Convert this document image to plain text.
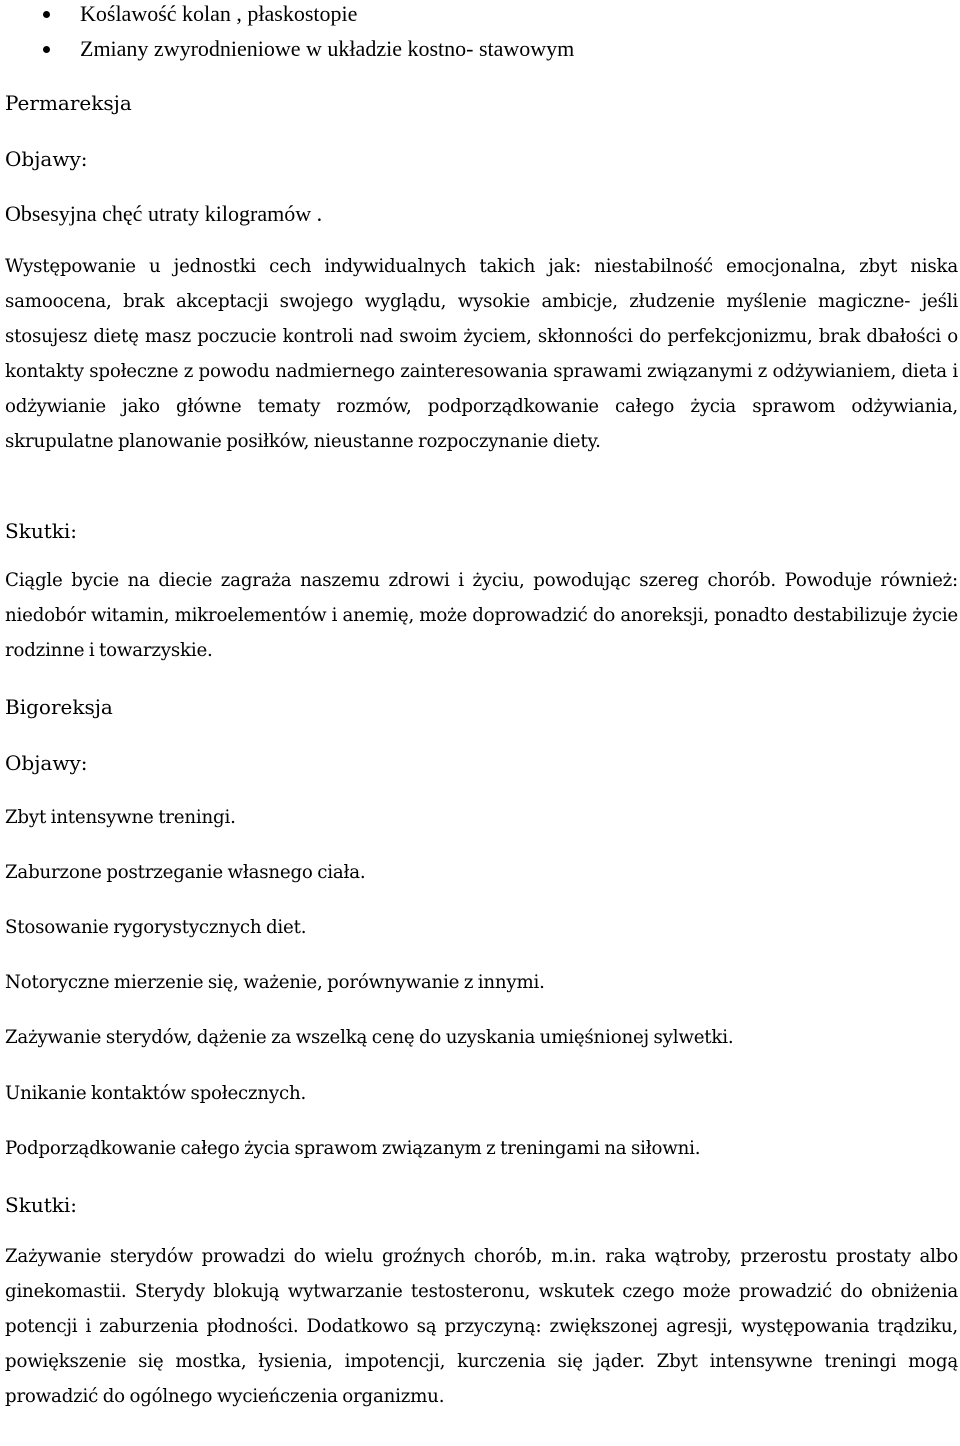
Koślawość kolan , płaskostopie
Zmiany zwyrodnieniowe w układzie kostno- stawowym
Permareksja
Objawy:
Obsesyjna chęć utraty kilogramów .

Występowanie u jednostki cech indywidualnych takich jak: niestabilność emocjonalna, zbyt niska samoocena, brak akceptacji swojego wyglądu, wysokie ambicje, złudzenie myślenie magiczne- jeśli stosujesz dietę masz poczucie kontroli nad swoim życiem, skłonności do perfekcjonizmu, brak dbałości o kontakty społeczne z powodu nadmiernego zainteresowania sprawami związanymi z odżywianiem, dieta i odżywianie jako główne tematy rozmów, podporządkowanie całego życia sprawom odżywiania, skrupulatne planowanie posiłków, nieustanne rozpoczynanie diety.

Skutki:

Ciągle bycie na diecie zagraża naszemu zdrowi i życiu, powodując szereg chorób. Powoduje również: niedobór witamin, mikroelementów i anemię, może doprowadzić do anoreksji, ponadto destabilizuje życie rodzinne i towarzyskie.

Bigoreksja
Objawy:
Zbyt intensywne treningi.
Zaburzone postrzeganie własnego ciała.
Stosowanie rygorystycznych diet.
Notoryczne mierzenie się, ważenie, porównywanie z innymi.
Zażywanie sterydów, dążenie za wszelką cenę do uzyskania umięśnionej sylwetki.
Unikanie kontaktów społecznych.
Podporządkowanie całego życia sprawom związanym z treningami na siłowni.
Skutki:

Zażywanie sterydów prowadzi do wielu groźnych chorób, m.in. raka wątroby, przerostu prostaty albo ginekomastii. Sterydy blokują wytwarzanie testosteronu, wskutek czego może prowadzić do obniżenia potencji i zaburzenia płodności. Dodatkowo są przyczyną: zwiększonej agresji, występowania trądziku, powiększenie się mostka, łysienia, impotencji, kurczenia się jąder. Zbyt intensywne treningi mogą prowadzić do ogólnego wycieńczenia organizmu.
